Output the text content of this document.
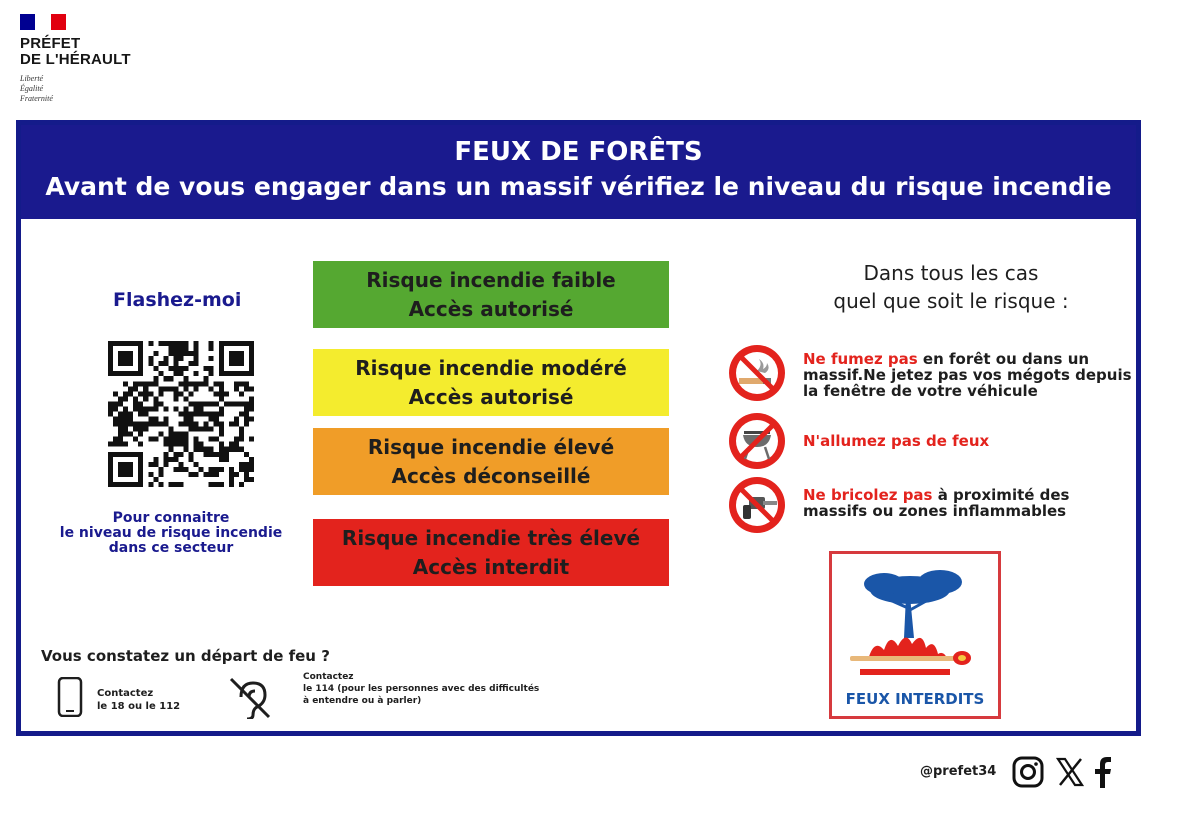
PRÉFET
DE L'HÉRAULT
Liberté
Égalité
Fraternité
FEUX DE FORÊTS
Avant de vous engager dans un massif vérifiez le niveau du risque incendie
Flashez-moi
Pour connaitre
le niveau de risque incendie
dans ce secteur
Risque incendie faible
Accès autorisé
Risque incendie modéré
Accès autorisé
Risque incendie élevé
Accès déconseillé
Risque incendie très élevé
Accès interdit
Dans tous les cas
quel que soit le risque :
Ne fumez pas en forêt ou dans un massif.Ne jetez pas vos mégots depuis la fenêtre de votre véhicule
N'allumez pas de feux
Ne bricolez pas à proximité des massifs ou zones inflammables
FEUX INTERDITS
Vous constatez un départ de feu ?
Contactez
le 18 ou le 112
Contactez
le 114 (pour les personnes avec des difficultés
à entendre ou à parler)
@prefet34
